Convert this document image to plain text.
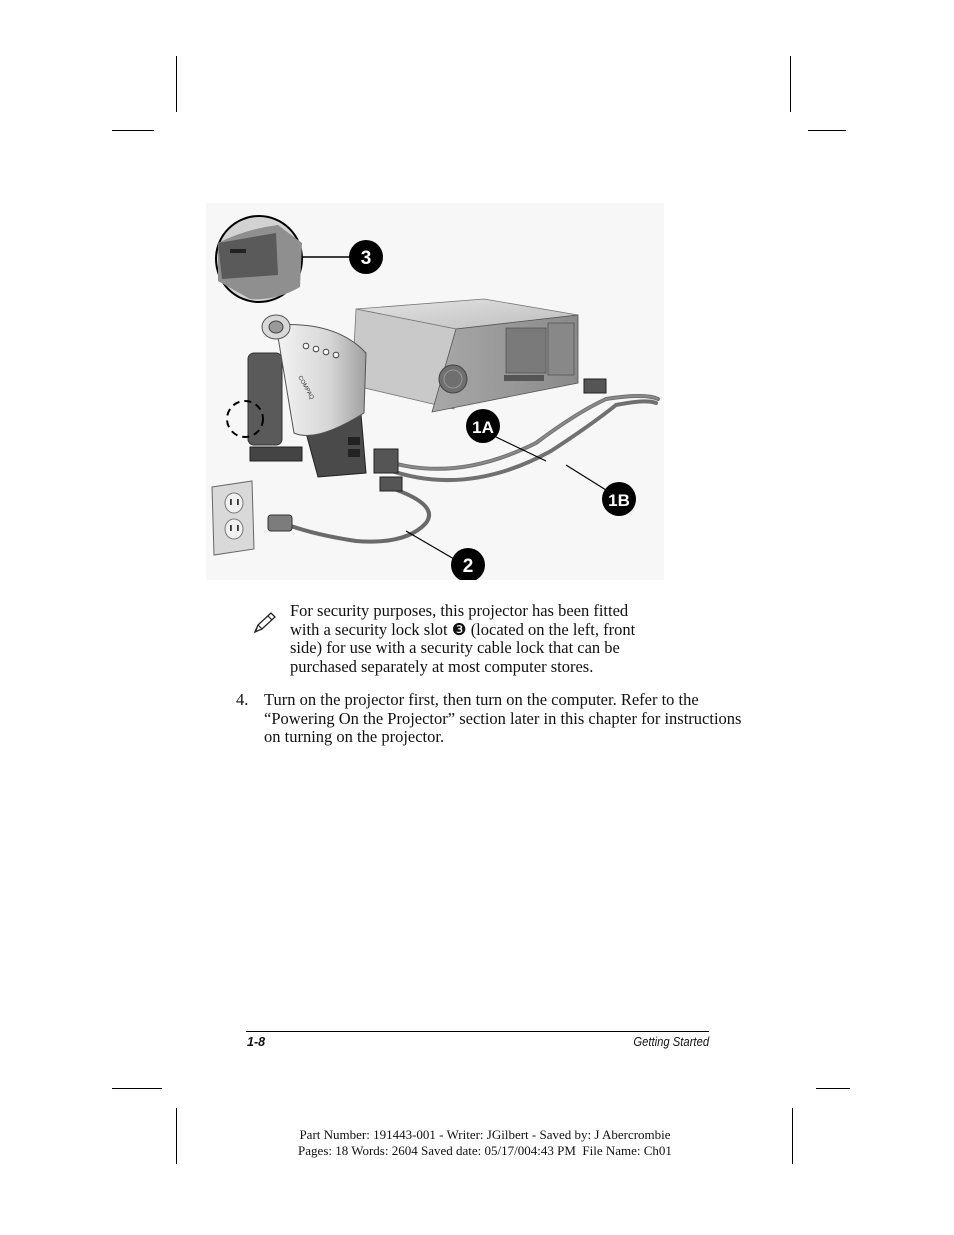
COMPAQ
3
1A
1B
2
For security purposes, this projector has been fitted
with a security lock slot ❸ (located on the left, front
side) for use with a security cable lock that can be
purchased separately at most computer stores.
4. Turn on the projector first, then turn on the computer. Refer to the
“Powering On the Projector” section later in this chapter for instructions
on turning on the projector.
1-8	Getting Started
Part Number: 191443-001 - Writer: JGilbert - Saved by: J Abercrombie
Pages: 18 Words: 2604 Saved date: 05/17/004:43 PM  File Name: Ch01
